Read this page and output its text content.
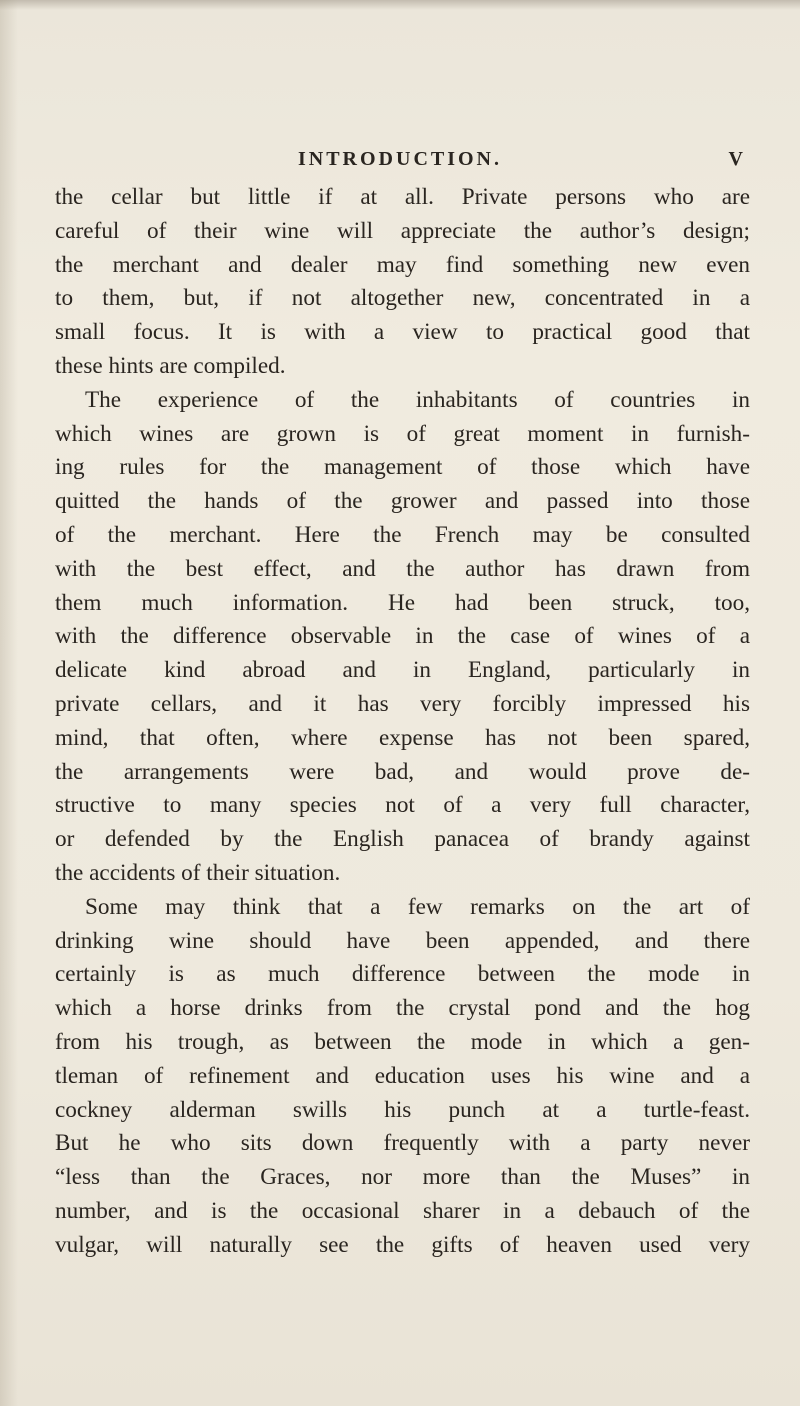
INTRODUCTION.	V
the cellar but little if at all. Private persons who are
careful of their wine will appreciate the author’s design;
the merchant and dealer may find something new even
to them, but, if not altogether new, concentrated in a
small focus. It is with a view to practical good that
these hints are compiled.
The experience of the inhabitants of countries in
which wines are grown is of great moment in furnish-
ing rules for the management of those which have
quitted the hands of the grower and passed into those
of the merchant. Here the French may be consulted
with the best effect, and the author has drawn from
them much information. He had been struck, too,
with the difference observable in the case of wines of a
delicate kind abroad and in England, particularly in
private cellars, and it has very forcibly impressed his
mind, that often, where expense has not been spared,
the arrangements were bad, and would prove de-
structive to many species not of a very full character,
or defended by the English panacea of brandy against
the accidents of their situation.
Some may think that a few remarks on the art of
drinking wine should have been appended, and there
certainly is as much difference between the mode in
which a horse drinks from the crystal pond and the hog
from his trough, as between the mode in which a gen-
tleman of refinement and education uses his wine and a
cockney alderman swills his punch at a turtle-feast.
But he who sits down frequently with a party never
“less than the Graces, nor more than the Muses” in
number, and is the occasional sharer in a debauch of the
vulgar, will naturally see the gifts of heaven used very
